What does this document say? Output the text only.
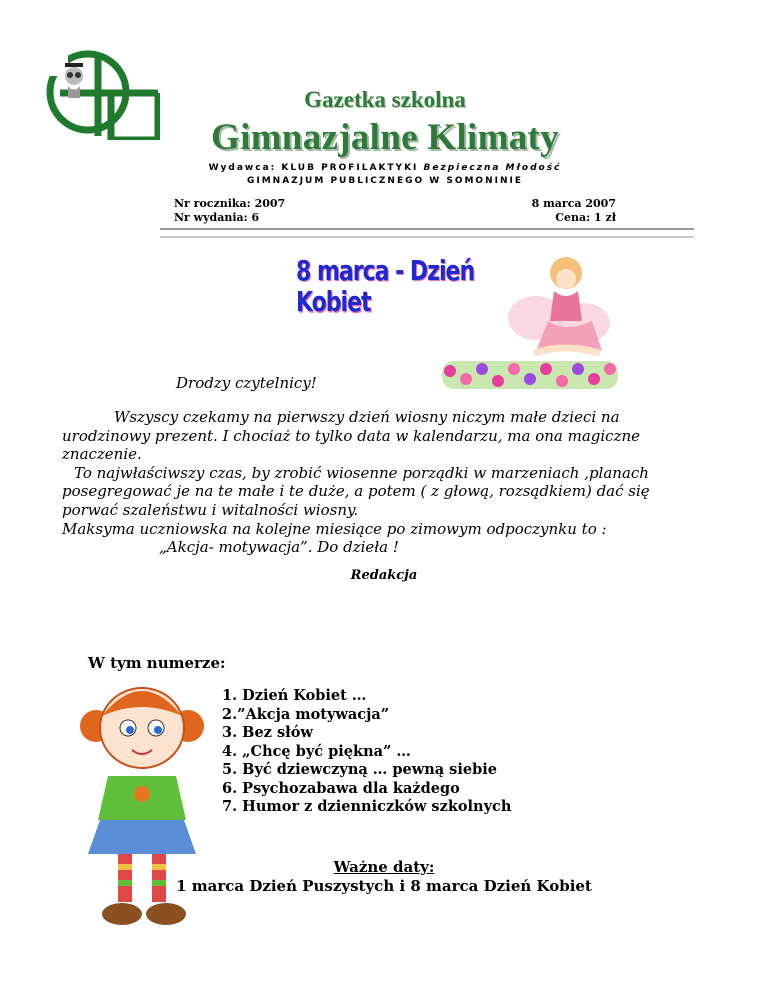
Gazetka szkolna
Gimnazjalne Klimaty
Wydawca: KLUB PROFILAKTYKI Bezpieczna Młodość
GIMNAZJUM PUBLICZNEGO W SOMONINIE
Nr rocznika: 2007
Nr wydania: 6
8 marca 2007
Cena: 1 zł
8 marca - Dzień Kobiet
Drodzy czytelnicy!

Wszyscy czekamy na pierwszy dzień wiosny niczym małe dzieci na urodzinowy prezent. I chociaż to tylko data w kalendarzu, ma ona magiczne znaczenie.

To najwłaściwszy czas, by zrobić wiosenne porządki w marzeniach ,planach posegregować je na te małe i te duże, a potem ( z głową, rozsądkiem) dać się porwać szaleństwu i witalności wiosny.

Maksyma uczniowska na kolejne miesiące po zimowym odpoczynku to :

„Akcja- motywacja”. Do dzieła !

Redakcja
W tym numerze:
1. Dzień Kobiet …
2.”Akcja motywacja”
3. Bez słów
4. „Chcę być piękna” …
5. Być dziewczyną … pewną siebie
6. Psychozabawa dla każdego
7. Humor z dzienniczków szkolnych
Ważne daty:
1 marca Dzień Puszystych i 8 marca Dzień Kobiet
